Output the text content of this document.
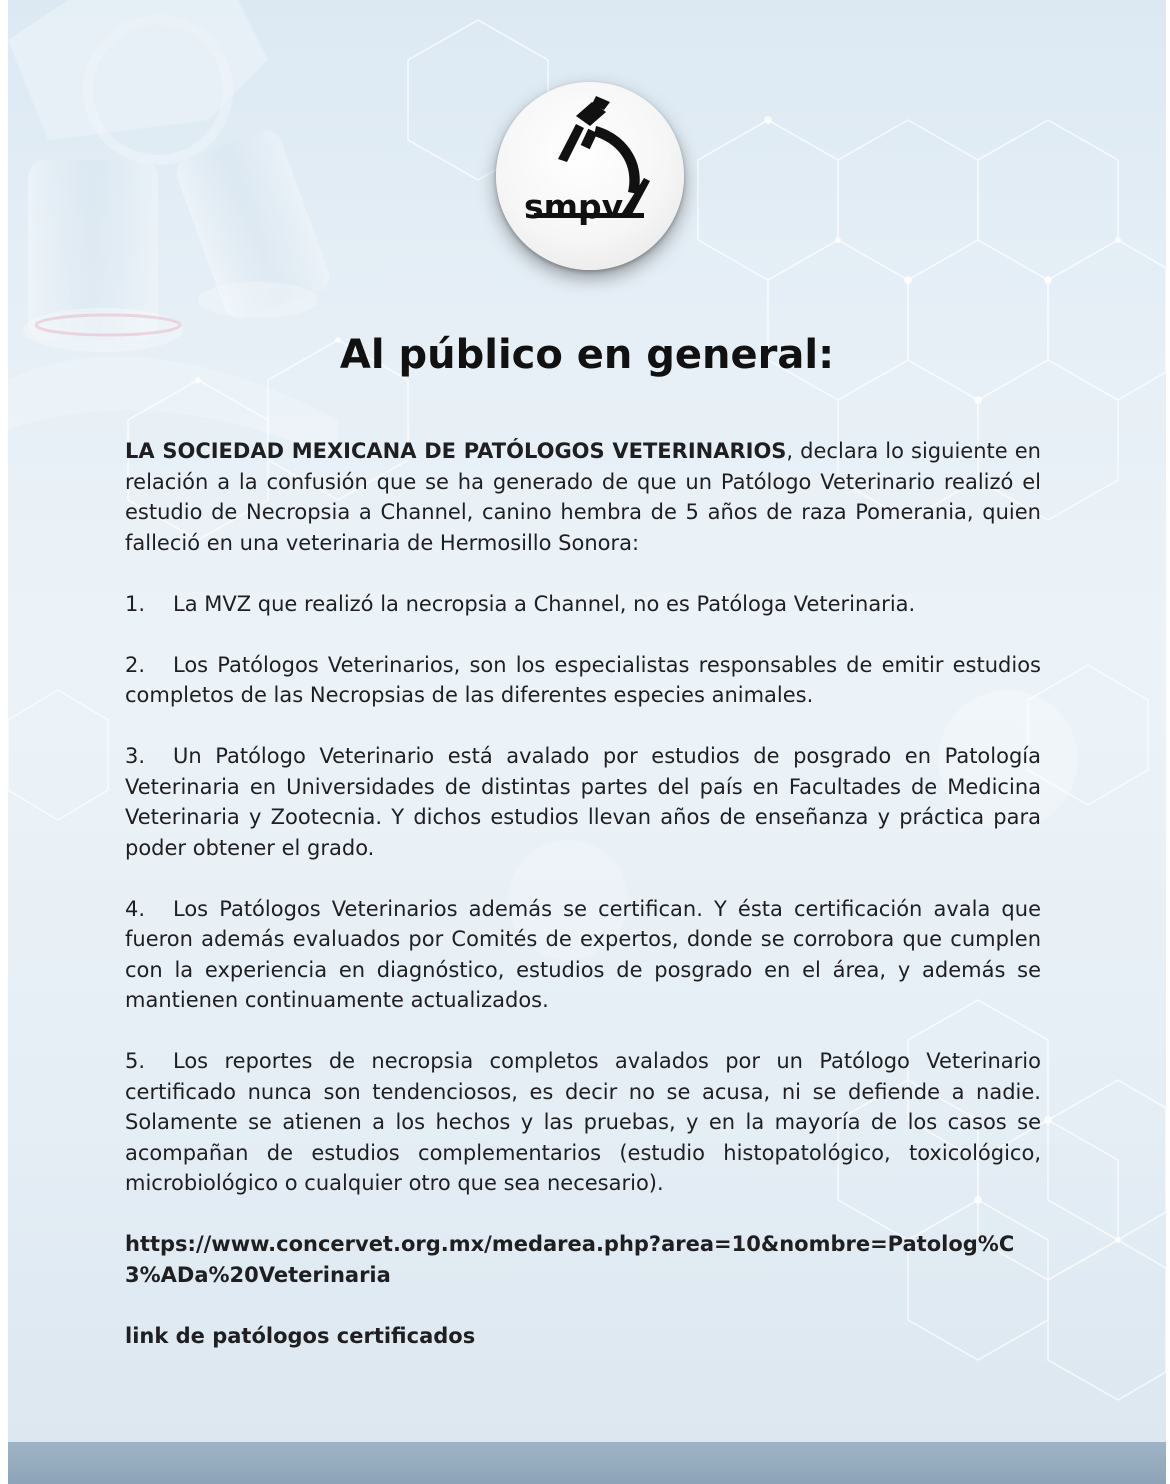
smpv
Al público en general:

LA SOCIEDAD MEXICANA DE PATÓLOGOS VETERINARIOS, declara lo siguiente en relación a la confusión que se ha generado de que un Patólogo Veterinario realizó el estudio de Necropsia a Channel, canino hembra de 5 años de raza Pomerania, quien falleció en una veterinaria de Hermosillo Sonora:

1. La MVZ que realizó la necropsia a Channel, no es Patóloga Veterinaria.

2. Los Patólogos Veterinarios, son los especialistas responsables de emitir estudios completos de las Necropsias de las diferentes especies animales.

3. Un Patólogo Veterinario está avalado por estudios de posgrado en Patología Veterinaria en Universidades de distintas partes del país en Facultades de Medicina Veterinaria y Zootecnia. Y dichos estudios llevan años de enseñanza y práctica para poder obtener el grado.

4. Los Patólogos Veterinarios además se certifican. Y ésta certificación avala que fueron además evaluados por Comités de expertos, donde se corrobora que cumplen con la experiencia en diagnóstico, estudios de posgrado en el área, y además se mantienen continuamente actualizados.

5. Los reportes de necropsia completos avalados por un Patólogo Veterinario certificado nunca son tendenciosos, es decir no se acusa, ni se defiende a nadie. Solamente se atienen a los hechos y las pruebas, y en la mayoría de los casos se acompañan de estudios complementarios (estudio histopatológico, toxicológico, microbiológico o cualquier otro que sea necesario).

https://www.concervet.org.mx/medarea.php?area=10&nombre=Patolog%C3%ADa%20Veterinaria

link de patólogos certificados
